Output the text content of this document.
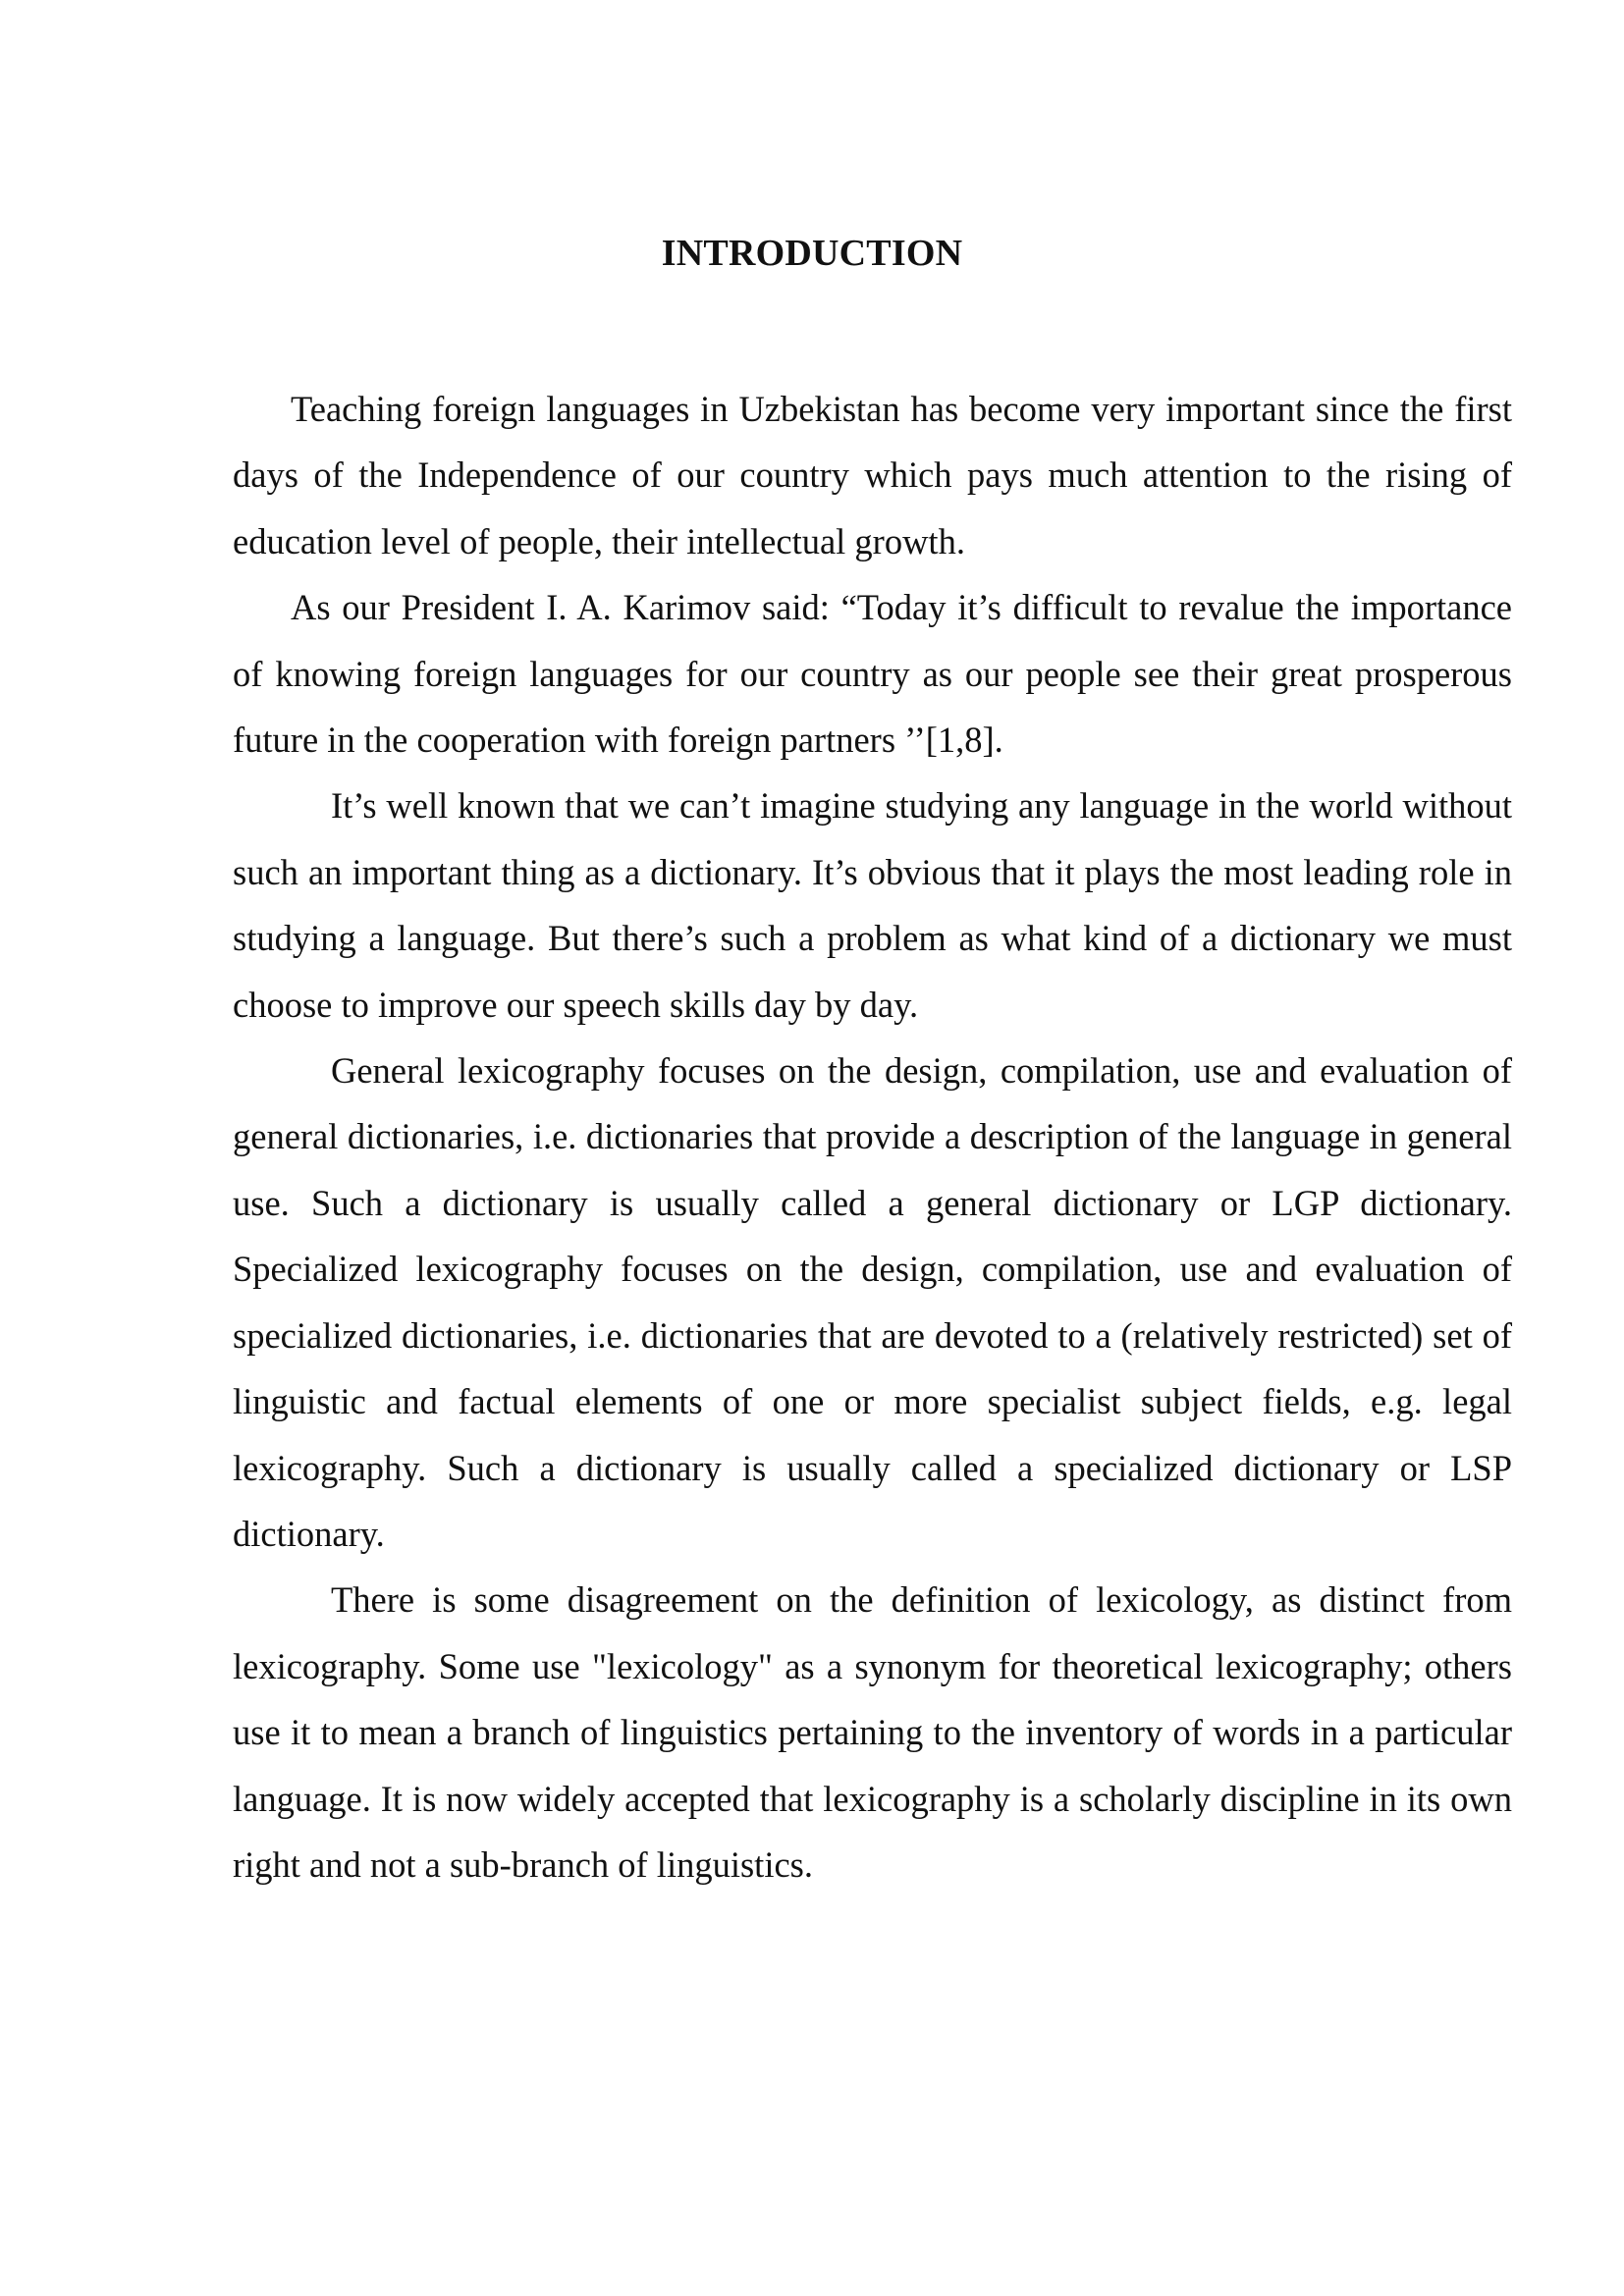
INTRODUCTION

Teaching foreign languages in Uzbekistan has become very important since the first days of the Independence of our country which pays much attention to the rising of education level of people, their intellectual growth.

As our President I. A. Karimov said: “Today it’s difficult to revalue the importance of knowing foreign languages for our country as our people see their great prosperous future in the cooperation with foreign partners ’’[1,8].

It’s well known that we can’t imagine studying any language in the world without such an important thing as a dictionary. It’s obvious that it plays the most leading role in studying a language. But there’s such a problem as what kind of a dictionary we must choose to improve our speech skills day by day.

General lexicography focuses on the design, compilation, use and evaluation of general dictionaries, i.e. dictionaries that provide a description of the language in general use. Such a dictionary is usually called a general dictionary or LGP dictionary. Specialized lexicography focuses on the design, compilation, use and evaluation of specialized dictionaries, i.e. dictionaries that are devoted to a (relatively restricted) set of linguistic and factual elements of one or more specialist subject fields, e.g. legal lexicography. Such a dictionary is usually called a specialized dictionary or LSP dictionary.

There is some disagreement on the definition of lexicology, as distinct from lexicography. Some use "lexicology" as a synonym for theoretical lexicography; others use it to mean a branch of linguistics pertaining to the inventory of words in a particular language. It is now widely accepted that lexicography is a scholarly discipline in its own right and not a sub-branch of linguistics.
